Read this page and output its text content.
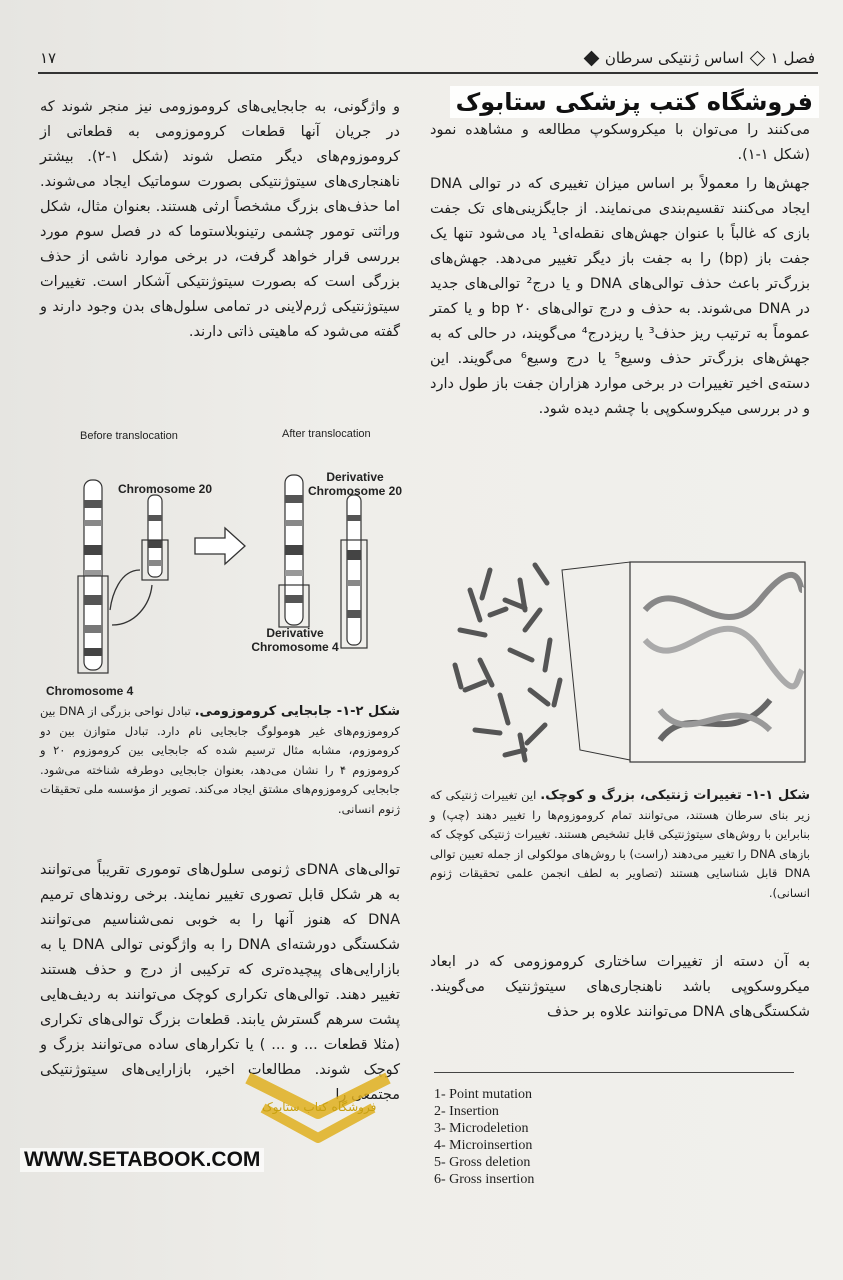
فصل ۱
اساس ژنتیکی سرطان
۱۷
فروشگاه کتب پزشکی ستابوک

می‌کنند را می‌توان با میکروسکوپ مطالعه و مشاهده نمود (شکل ۱-۱).

جهش‌ها را معمولاً بر اساس میزان تغییری که در توالی DNA ایجاد می‌کنند تقسیم‌بندی می‌نمایند. از جایگزینی‌های تک جفت بازی که غالباً با عنوان جهش‌های نقطه‌ای¹ یاد می‌شود تنها یک جفت باز (bp) را به جفت باز دیگر تغییر می‌دهد. جهش‌های بزرگ‌تر باعث حذف توالی‌های DNA و یا درج² توالی‌های جدید در DNA می‌شوند. به حذف و درج توالی‌های ۲۰ bp و یا کمتر عموماً به ترتیب ریز حذف³ یا ریزدرج⁴ می‌گویند، در حالی که به جهش‌های بزرگ‌تر حذف وسیع⁵ یا درج وسیع⁶ می‌گویند. این دسته‌ی اخیر تغییرات در برخی موارد هزاران جفت باز طول دارد و در بررسی میکروسکوپی با چشم دیده شود.

به آن دسته از تغییرات ساختاری کروموزومی که در ابعاد میکروسکوپی باشد ناهنجاری‌های سیتوژنتیک می‌گویند. شکستگی‌های DNA می‌توانند علاوه بر حذف

و واژگونی، به جابجایی‌های کروموزومی نیز منجر شوند که در جریان آنها قطعات کروموزومی به قطعاتی از کروموزوم‌های دیگر متصل شوند (شکل ۱-۲). بیشتر ناهنجاری‌های سیتوژنتیکی بصورت سوماتیک ایجاد می‌شوند. اما حذف‌های بزرگ مشخصاً ارثی هستند. بعنوان مثال، شکل وراثتی تومور چشمی رتینوبلاستوما که در فصل سوم مورد بررسی قرار خواهد گرفت، در برخی موارد ناشی از حذف بزرگی است که بصورت سیتوژنتیکی آشکار است. تغییرات سیتوژنتیکی ژرم‌لاینی در تمامی سلول‌های بدن وجود دارند و گفته می‌شود که ماهیتی ذاتی دارند.

توالی‌های DNAی ژنومی سلول‌های توموری تقریباً می‌توانند به هر شکل قابل تصوری تغییر نمایند. برخی روندهای ترمیم DNA که هنوز آنها را به خوبی نمی‌شناسیم می‌توانند شکستگی دورشته‌ای DNA را به واژگونی توالی DNA یا به بازارایی‌های پیچیده‌تری که ترکیبی از درج و حذف هستند تغییر دهند. توالی‌های تکراری کوچک می‌توانند به ردیف‌هایی پشت سرهم گسترش یابند. قطعات بزرگ توالی‌های تکراری (مثلا قطعات ... و ... ) یا تکرارهای ساده می‌توانند بزرگ و کوچک شوند. مطالعات اخیر، بازارایی‌های سیتوژنتیکی مجتمعی را

Before translocation	After translocation
Chromosome 20
Derivative Chromosome 20
Derivative Chromosome 4
Chromosome 4
شکل ۲-۱- جابجایی کروموزومی. تبادل نواحی بزرگی از DNA بین کروموزوم‌های غیر هومولوگ جابجایی نام دارد. تبادل متوازن بین دو کروموزوم، مشابه مثال ترسیم شده که جابجایی بین کروموزوم ۲۰ و کروموزوم ۴ را نشان می‌دهد، بعنوان جابجایی دوطرفه شناخته می‌شود. جابجایی کروموزوم‌های مشتق ایجاد می‌کند. تصویر از مؤسسه ملی تحقیقات ژنوم انسانی.
شکل ۱-۱- تغییرات ژنتیکی، بزرگ و کوچک. این تغییرات ژنتیکی که زیر بنای سرطان هستند، می‌توانند تمام کروموزوم‌ها را تغییر دهند (چپ) و بنابراین با روش‌های سیتوژنتیکی قابل تشخیص هستند. تغییرات ژنتیکی کوچک که بازهای DNA را تغییر می‌دهند (راست) با روش‌های مولکولی از جمله تعیین توالی DNA قابل شناسایی هستند (تصاویر به لطف انجمن علمی تحقیقات ژنوم انسانی).
1- Point mutation
2- Insertion
3- Microdeletion
4- Microinsertion
5- Gross deletion
6- Gross insertion
فروشگاه کتاب ستابوک
WWW.SETABOOK.COM
